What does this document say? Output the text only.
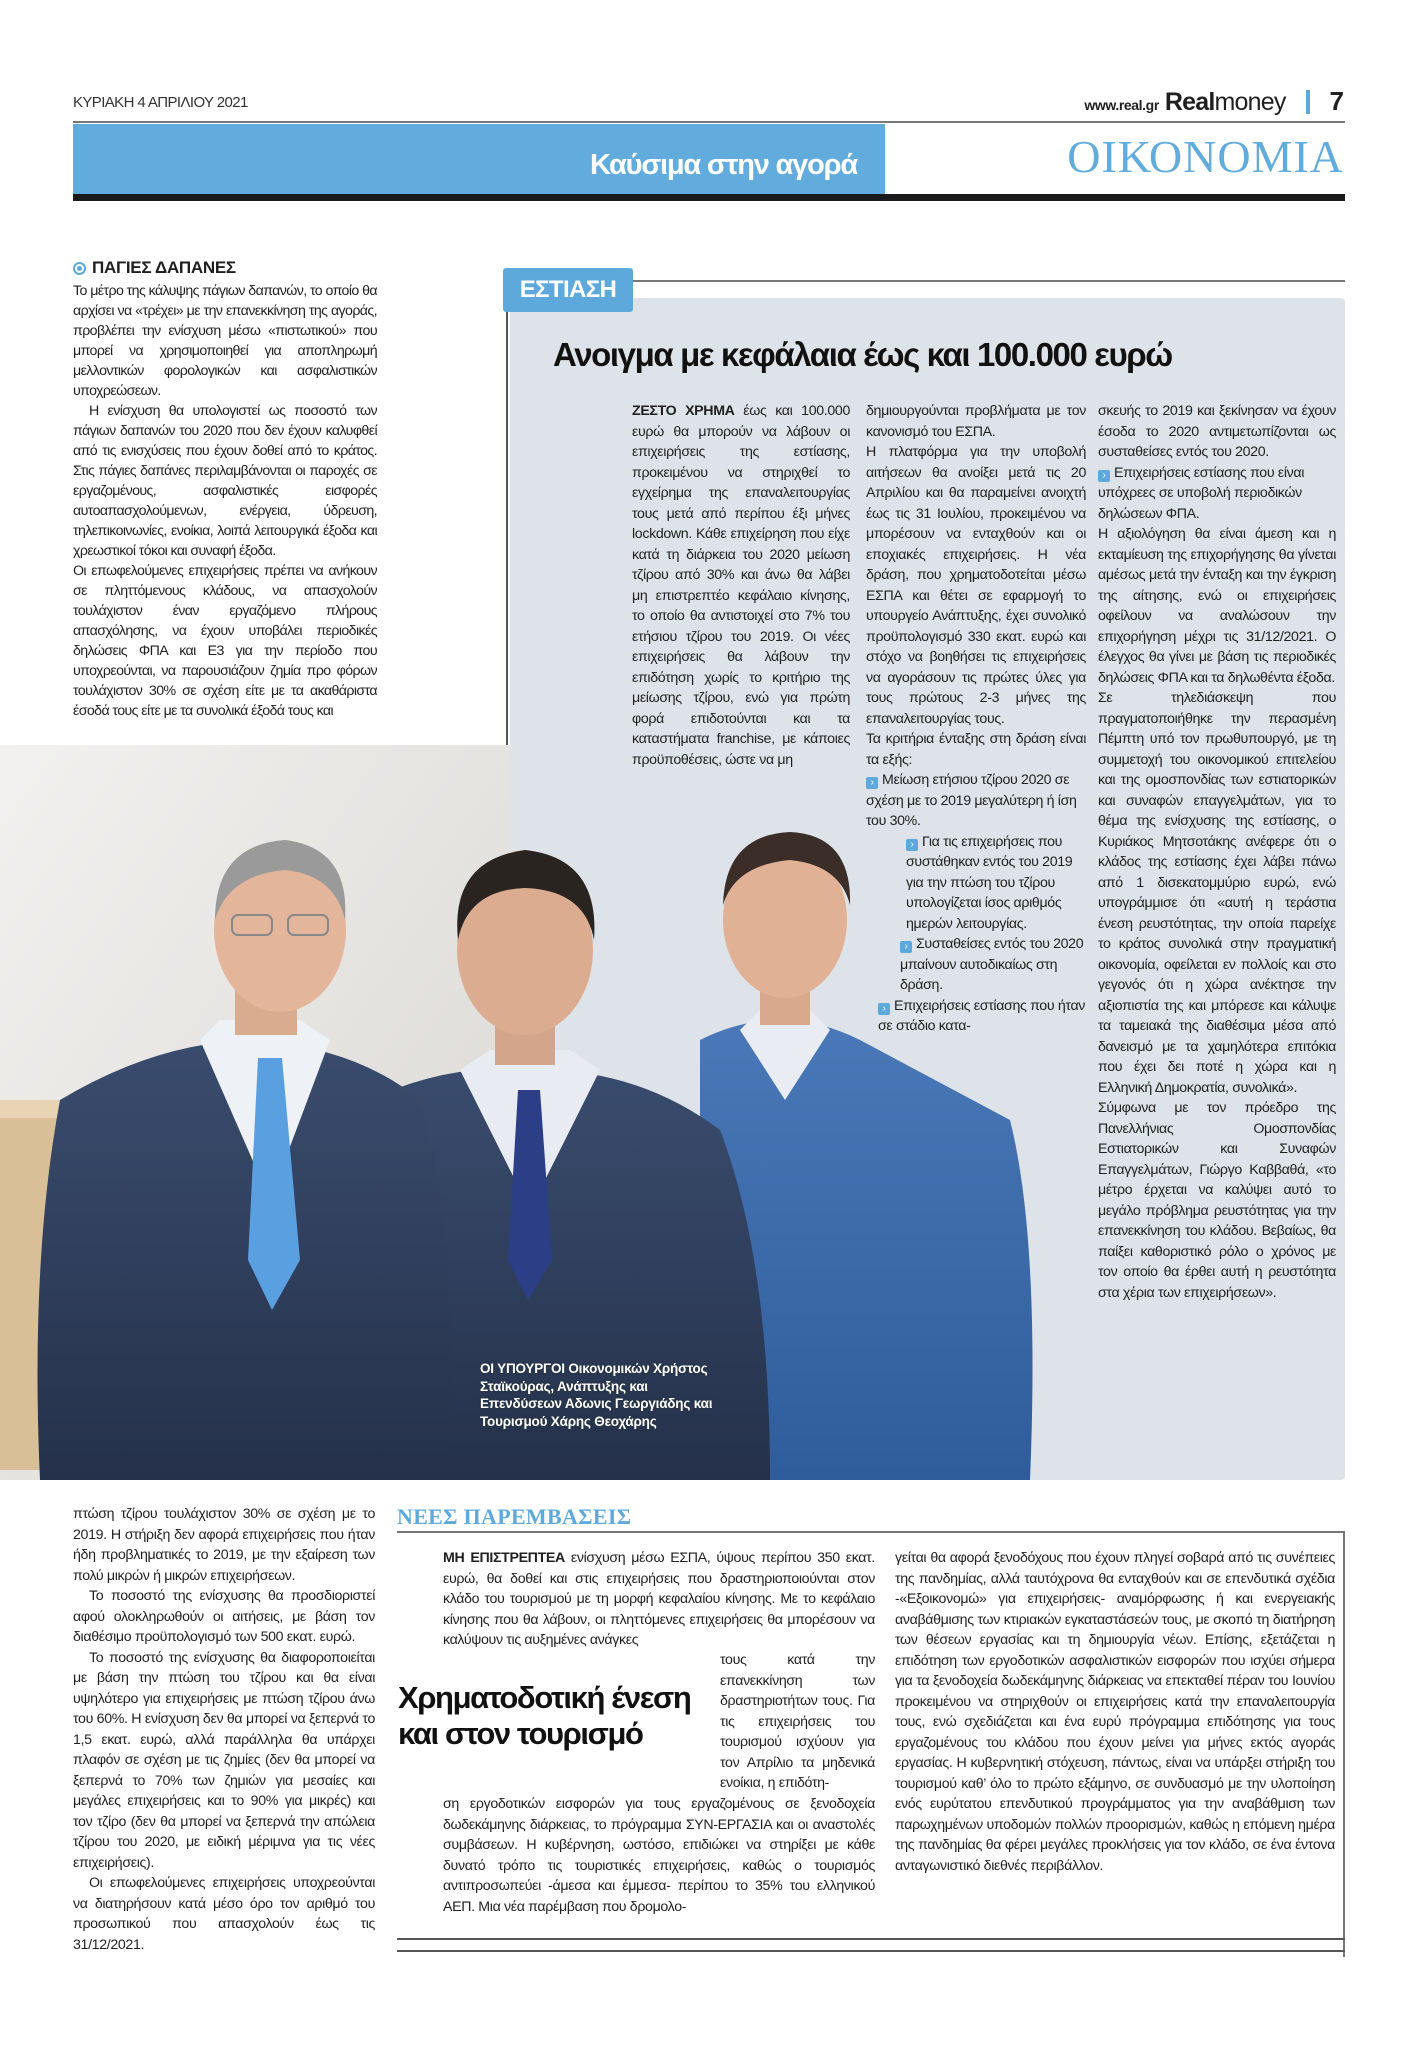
ΚΥΡΙΑΚΗ 4 ΑΠΡΙΛΙΟΥ 2021	www.real.gr Real money 7
Καύσιμα στην αγορά	ΟΙΚΟΝΟΜΙΑ
ΠΑΓΙΕΣ ΔΑΠΑΝΕΣ

Το μέτρο της κάλυψης πάγιων δαπανών, το οποίο θα αρχίσει να «τρέχει» με την επανεκκίνηση της αγοράς, προβλέπει την ενίσχυση μέσω «πιστωτικού» που μπορεί να χρησιμοποιηθεί για αποπληρωμή μελλοντικών φορολογικών και ασφαλιστικών υποχρεώσεων.

Η ενίσχυση θα υπολογιστεί ως ποσοστό των πάγιων δαπανών του 2020 που δεν έχουν καλυφθεί από τις ενισχύσεις που έχουν δοθεί από το κράτος. Στις πάγιες δαπάνες περιλαμβάνονται οι παροχές σε εργαζομένους, ασφαλιστικές εισφορές αυτοαπασχολούμενων, ενέργεια, ύδρευση, τηλεπικοινωνίες, ενοίκια, λοιπά λειτουργικά έξοδα και χρεωστικοί τόκοι και συναφή έξοδα.

Οι επωφελούμενες επιχειρήσεις πρέπει να ανήκουν σε πληττόμενους κλάδους, να απασχολούν τουλάχιστον έναν εργαζόμενο πλήρους απασχόλησης, να έχουν υποβάλει περιοδικές δηλώσεις ΦΠΑ και Ε3 για την περίοδο που υποχρεούνται, να παρουσιάζουν ζημία προ φόρων τουλάχιστον 30% σε σχέση είτε με τα ακαθάριστα έσοδά τους είτε με τα συνολικά έξοδά τους και

ΕΣΤΙΑΣΗ
Ανοιγμα με κεφάλαια έως και 100.000 ευρώ

ΖΕΣΤΟ ΧΡΗΜΑ έως και 100.000 ευρώ θα μπορούν να λάβουν οι επιχειρήσεις της εστίασης, προκειμένου να στηριχθεί το εγχείρημα της επαναλειτουργίας τους μετά από περίπου έξι μήνες lockdown. Κάθε επιχείρηση που είχε κατά τη διάρκεια του 2020 μείωση τζίρου από 30% και άνω θα λάβει μη επιστρεπτέο κεφάλαιο κίνησης, το οποίο θα αντιστοιχεί στο 7% του ετήσιου τζίρου του 2019. Οι νέες επιχειρήσεις θα λάβουν την επιδότηση χωρίς το κριτήριο της μείωσης τζίρου, ενώ για πρώτη φορά επιδοτούνται και τα καταστήματα franchise, με κάποιες προϋποθέσεις, ώστε να μη

δημιουργούνται προβλήματα με τον κανονισμό του ΕΣΠΑ.

Η πλατφόρμα για την υποβολή αιτήσεων θα ανοίξει μετά τις 20 Απριλίου και θα παραμείνει ανοιχτή έως τις 31 Ιουλίου, προκειμένου να μπορέσουν να ενταχθούν και οι εποχιακές επιχειρήσεις. Η νέα δράση, που χρηματοδοτείται μέσω ΕΣΠΑ και θέτει σε εφαρμογή το υπουργείο Ανάπτυξης, έχει συνολικό προϋπολογισμό 330 εκατ. ευρώ και στόχο να βοηθήσει τις επιχειρήσεις να αγοράσουν τις πρώτες ύλες για τους πρώτους 2-3 μήνες της επαναλειτουργίας τους.

Τα κριτήρια ένταξης στη δράση είναι τα εξής:

› Μείωση ετήσιου τζίρου 2020 σε σχέση με το 2019 μεγαλύτερη ή ίση του 30%.

› Για τις επιχειρήσεις που συστάθηκαν εντός του 2019 για την πτώση του τζίρου υπολογίζεται ίσος αριθμός ημερών λειτουργίας.

› Συσταθείσες εντός του 2020 μπαίνουν αυτοδικαίως στη δράση.

› Επιχειρήσεις εστίασης που ήταν σε στάδιο κατα-

σκευής το 2019 και ξεκίνησαν να έχουν έσοδα το 2020 αντιμετωπίζονται ως συσταθείσες εντός του 2020.

› Επιχειρήσεις εστίασης που είναι υπόχρεες σε υποβολή περιοδικών δηλώσεων ΦΠΑ.

Η αξιολόγηση θα είναι άμεση και η εκταμίευση της επιχορήγησης θα γίνεται αμέσως μετά την ένταξη και την έγκριση της αίτησης, ενώ οι επιχειρήσεις οφείλουν να αναλώσουν την επιχορήγηση μέχρι τις 31/12/2021. Ο έλεγχος θα γίνει με βάση τις περιοδικές δηλώσεις ΦΠΑ και τα δηλωθέντα έξοδα.

Σε τηλεδιάσκεψη που πραγματοποιήθηκε την περασμένη Πέμπτη υπό τον πρωθυπουργό, με τη συμμετοχή του οικονομικού επιτελείου και της ομοσπονδίας των εστιατορικών και συναφών επαγγελμάτων, για το θέμα της ενίσχυσης της εστίασης, ο Κυριάκος Μητσοτάκης ανέφερε ότι ο κλάδος της εστίασης έχει λάβει πάνω από 1 δισεκατομμύριο ευρώ, ενώ υπογράμμισε ότι «αυτή η τεράστια ένεση ρευστότητας, την οποία παρείχε το κράτος συνολικά στην πραγματική οικονομία, οφείλεται εν πολλοίς και στο γεγονός ότι η χώρα ανέκτησε την αξιοπιστία της και μπόρεσε και κάλυψε τα ταμειακά της διαθέσιμα μέσα από δανεισμό με τα χαμηλότερα επιτόκια που έχει δει ποτέ η χώρα και η Ελληνική Δημοκρατία, συνολικά».

Σύμφωνα με τον πρόεδρο της Πανελλήνιας Ομοσπονδίας Εστιατορικών και Συναφών Επαγγελμάτων, Γιώργο Καββαθά, «το μέτρο έρχεται να καλύψει αυτό το μεγάλο πρόβλημα ρευστότητας για την επανεκκίνηση του κλάδου. Βεβαίως, θα παίξει καθοριστικό ρόλο ο χρόνος με τον οποίο θα έρθει αυτή η ρευστότητα στα χέρια των επιχειρήσεων».

ΟΙ ΥΠΟΥΡΓΟΙ Οικονομικών Χρήστος Σταϊκούρας, Ανάπτυξης και Επενδύσεων Αδωνις Γεωργιάδης και Τουρισμού Χάρης Θεοχάρης

πτώση τζίρου τουλάχιστον 30% σε σχέση με το 2019. Η στήριξη δεν αφορά επιχειρήσεις που ήταν ήδη προβληματικές το 2019, με την εξαίρεση των πολύ μικρών ή μικρών επιχειρήσεων.

Το ποσοστό της ενίσχυσης θα προσδιοριστεί αφού ολοκληρωθούν οι αιτήσεις, με βάση τον διαθέσιμο προϋπολογισμό των 500 εκατ. ευρώ.

Το ποσοστό της ενίσχυσης θα διαφοροποιείται με βάση την πτώση του τζίρου και θα είναι υψηλότερο για επιχειρήσεις με πτώση τζίρου άνω του 60%. Η ενίσχυση δεν θα μπορεί να ξεπερνά το 1,5 εκατ. ευρώ, αλλά παράλληλα θα υπάρχει πλαφόν σε σχέση με τις ζημίες (δεν θα μπορεί να ξεπερνά το 70% των ζημιών για μεσαίες και μεγάλες επιχειρήσεις και το 90% για μικρές) και τον τζίρο (δεν θα μπορεί να ξεπερνά την απώλεια τζίρου του 2020, με ειδική μέριμνα για τις νέες επιχειρήσεις).

Οι επωφελούμενες επιχειρήσεις υποχρεούνται να διατηρήσουν κατά μέσο όρο τον αριθμό του προσωπικού που απασχολούν έως τις 31/12/2021.

ΝΕΕΣ ΠΑΡΕΜΒΑΣΕΙΣ

ΜΗ ΕΠΙΣΤΡΕΠΤΕΑ ενίσχυση μέσω ΕΣΠΑ, ύψους περίπου 350 εκατ. ευρώ, θα δοθεί και στις επιχειρήσεις που δραστηριοποιούνται στον κλάδο του τουρισμού με τη μορφή κεφαλαίου κίνησης. Με το κεφάλαιο κίνησης που θα λάβουν, οι πληττόμενες επιχειρήσεις θα μπορέσουν να καλύψουν τις αυξημένες ανάγκες

Χρηματοδοτική ένεση
και στον τουρισμό

τους κατά την επανεκκίνηση των δραστηριοτήτων τους. Για τις επιχειρήσεις του τουρισμού ισχύουν για τον Απρίλιο τα μηδενικά ενοίκια, η επιδότη-

ση εργοδοτικών εισφορών για τους εργαζομένους σε ξενοδοχεία δωδεκάμηνης διάρκειας, το πρόγραμμα ΣΥΝ-ΕΡΓΑΣΙΑ και οι αναστολές συμβάσεων. Η κυβέρνηση, ωστόσο, επιδιώκει να στηρίξει με κάθε δυνατό τρόπο τις τουριστικές επιχειρήσεις, καθώς ο τουρισμός αντιπροσωπεύει -άμεσα και έμμεσα- περίπου το 35% του ελληνικού ΑΕΠ. Μια νέα παρέμβαση που δρομολο-

γείται θα αφορά ξενοδόχους που έχουν πληγεί σοβαρά από τις συνέπειες της πανδημίας, αλλά ταυτόχρονα θα ενταχθούν και σε επενδυτικά σχέδια -«Εξοικονομώ» για επιχειρήσεις- αναμόρφωσης ή και ενεργειακής αναβάθμισης των κτιριακών εγκαταστάσεών τους, με σκοπό τη διατήρηση των θέσεων εργασίας και τη δημιουργία νέων. Επίσης, εξετάζεται η επιδότηση των εργοδοτικών ασφαλιστικών εισφορών που ισχύει σήμερα για τα ξενοδοχεία δωδεκάμηνης διάρκειας να επεκταθεί πέραν του Ιουνίου προκειμένου να στηριχθούν οι επιχειρήσεις κατά την επαναλειτουργία τους, ενώ σχεδιάζεται και ένα ευρύ πρόγραμμα επιδότησης για τους εργαζομένους του κλάδου που έχουν μείνει για μήνες εκτός αγοράς εργασίας. Η κυβερνητική στόχευση, πάντως, είναι να υπάρξει στήριξη του τουρισμού καθ’ όλο το πρώτο εξάμηνο, σε συνδυασμό με την υλοποίηση ενός ευρύτατου επενδυτικού προγράμματος για την αναβάθμιση των παρωχημένων υποδομών πολλών προορισμών, καθώς η επόμενη ημέρα της πανδημίας θα φέρει μεγάλες προκλήσεις για τον κλάδο, σε ένα έντονα ανταγωνιστικό διεθνές περιβάλλον.
